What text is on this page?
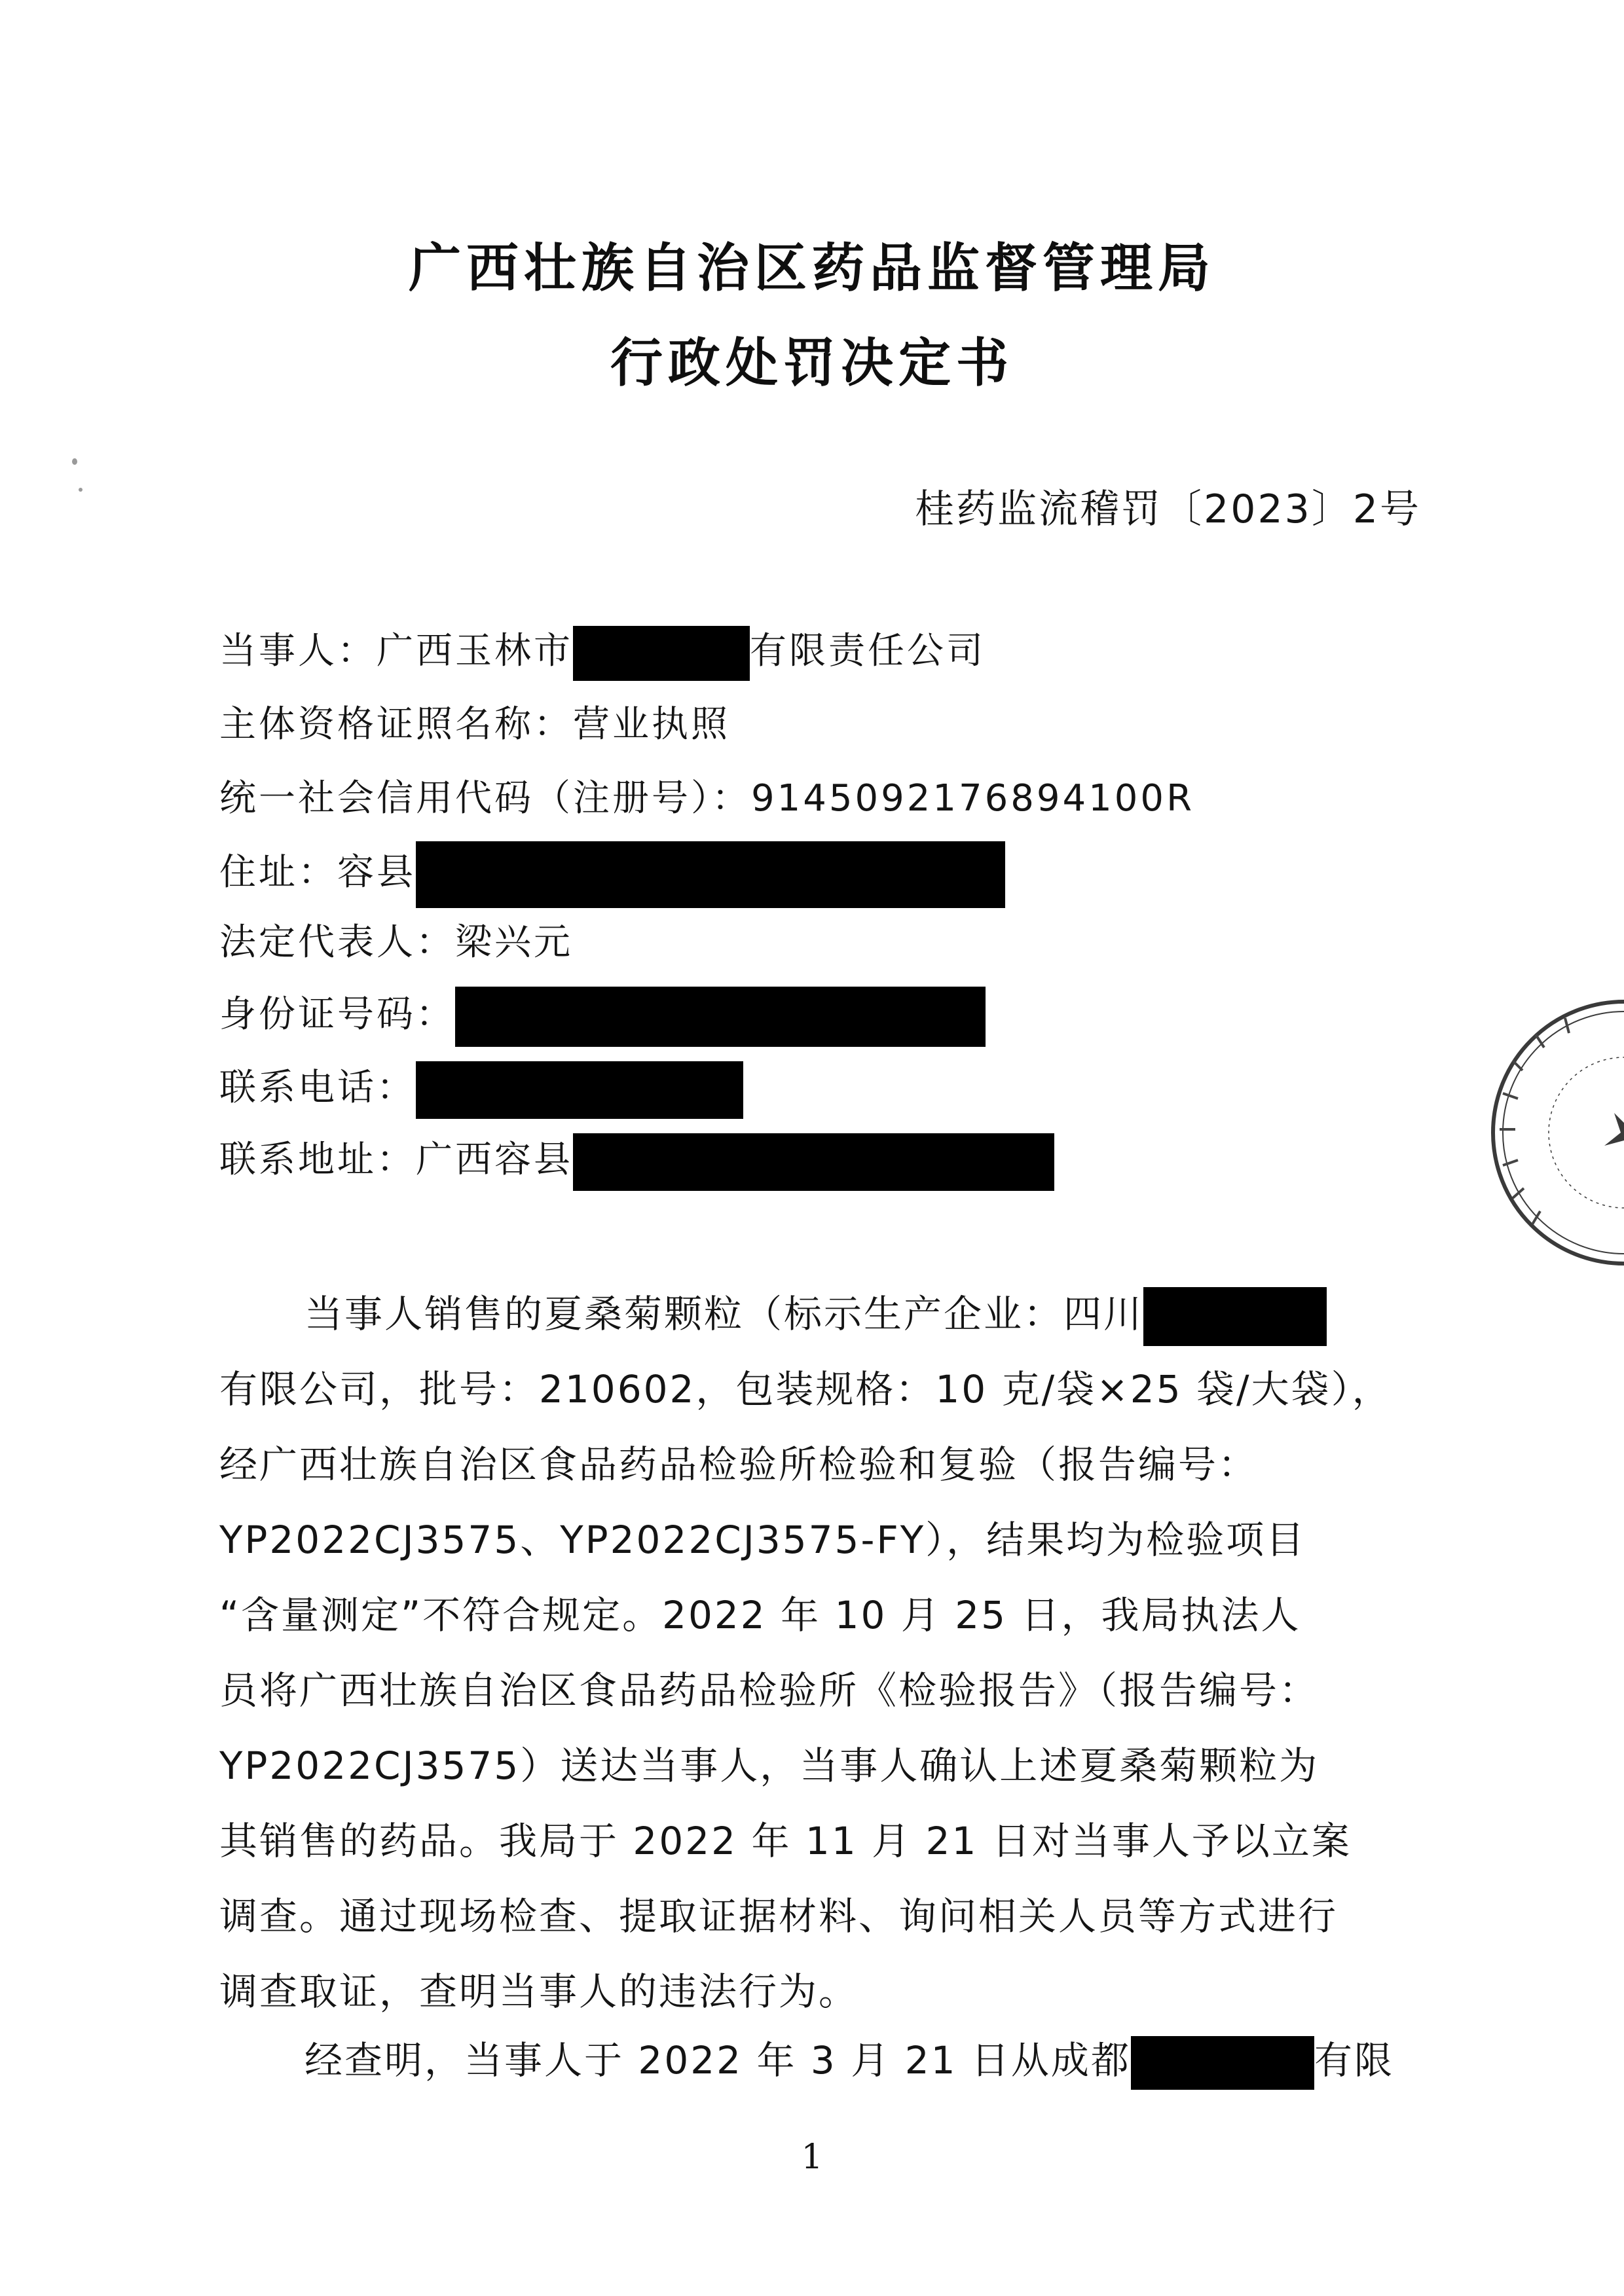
广西壮族自治区药品监督管理局
行政处罚决定书
桂药监流稽罚〔2023〕2号
当事人：广西玉林市	有限责任公司
主体资格证照名称：营业执照
统一社会信用代码（注册号）：9145092176894100R
住址：容县
法定代表人：梁兴元
身份证号码：
联系电话：
联系地址：广西容县
当事人销售的夏桑菊颗粒（标示生产企业：四川
有限公司，批号：210602，包装规格：10 克/袋×25 袋/大袋），
经广西壮族自治区食品药品检验所检验和复验（报告编号：
YP2022CJ3575、YP2022CJ3575-FY），结果均为检验项目
“含量测定”不符合规定。2022 年 10 月 25 日，我局执法人
员将广西壮族自治区食品药品检验所《检验报告》（报告编号：
YP2022CJ3575）送达当事人，当事人确认上述夏桑菊颗粒为
其销售的药品。我局于 2022 年 11 月 21 日对当事人予以立案
调查。通过现场检查、提取证据材料、询问相关人员等方式进行
调查取证，查明当事人的违法行为。
经查明，当事人于 2022 年 3 月 21 日从成都	有限
1
